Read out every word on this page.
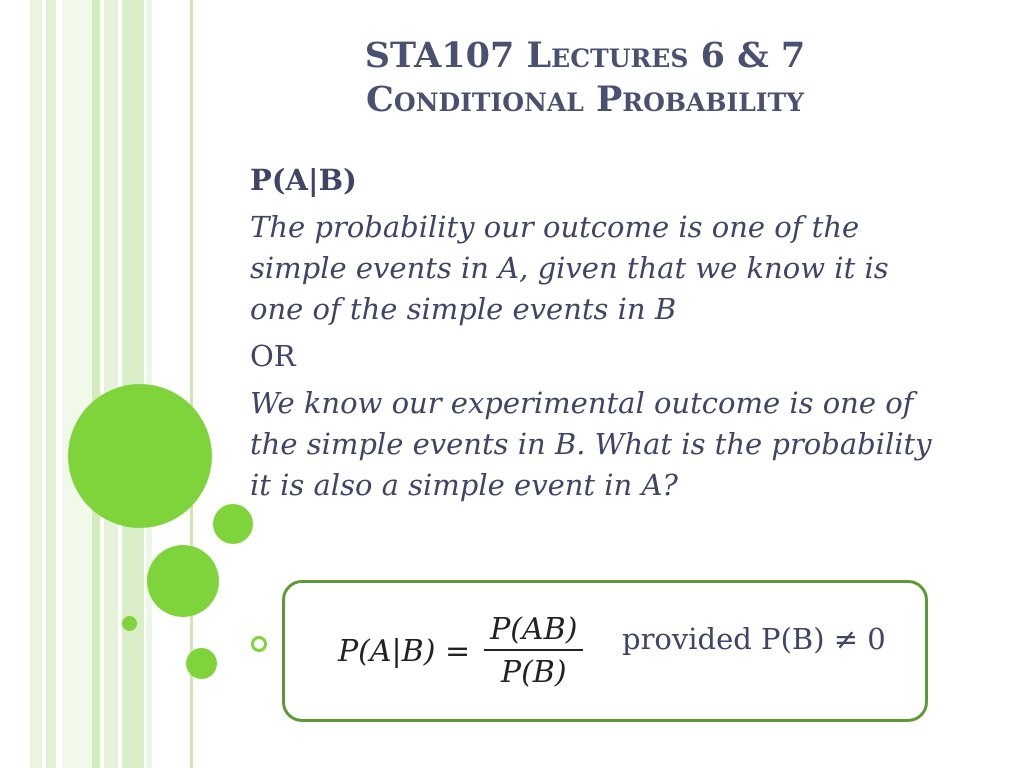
STA107 Lectures 6 & 7
Conditional Probability
P(A|B)
The probability our outcome is one of the simple events in A, given that we know it is one of the simple events in B
OR
We know our experimental outcome is one of the simple events in B. What is the probability it is also a simple event in A?
$P(A|B) = \frac{P(AB)}{P(B)}$ provided P(B) ≠ 0
